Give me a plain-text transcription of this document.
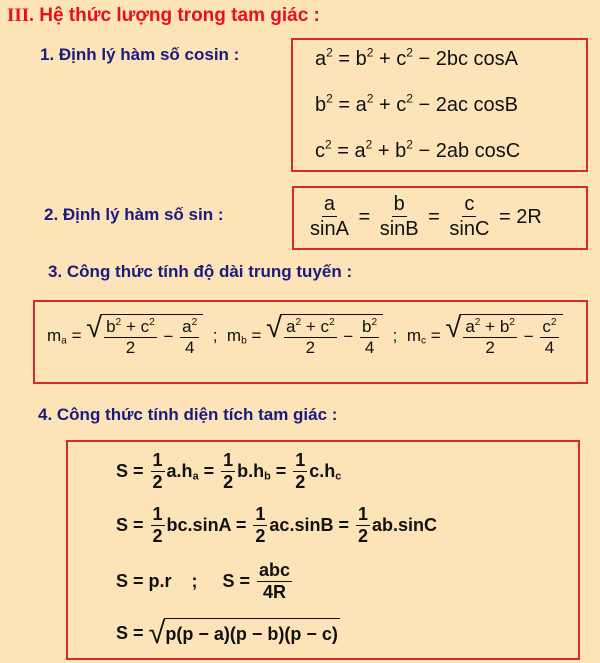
III. Hệ thức lượng trong tam giác :
1. Định lý hàm số cosin :	$a^2 = b^2 + c^2 - 2bc$ cosA
$b^2 = a^2 + c^2 - 2ac$ cosB
$c^2 = a^2 + b^2 - 2ab$ cosC
2. Định lý hàm số sin :	$\frac{a}{\sin A} = \frac{b}{\sin B} = \frac{c}{\sin C} = 2R$
3. Công thức tính độ dài trung tuyến :
$m_a$ = √ $\frac{b^2 + c^2}{2} - \frac{a^2}{4}$ ; $m_b$ = √ $\frac{a^2 + c^2}{2} - \frac{b^2}{4}$ ; $m_c$ = √ $\frac{a^2 + b^2}{2} - \frac{c^2}{4}$
4. Công thức tính diện tích tam giác :
$S = \frac{1}{2} a.h_a = \frac{1}{2} b.h_b = \frac{1}{2} c.h_c$
$S = \frac{1}{2} bc.\sin A = \frac{1}{2} ac.\sin B = \frac{1}{2} ab.\sin C$
S = p.r    ;     $S = \frac{\text{abc}}{4R}$
S = √ p(p − a)(p − b)(p − c)
